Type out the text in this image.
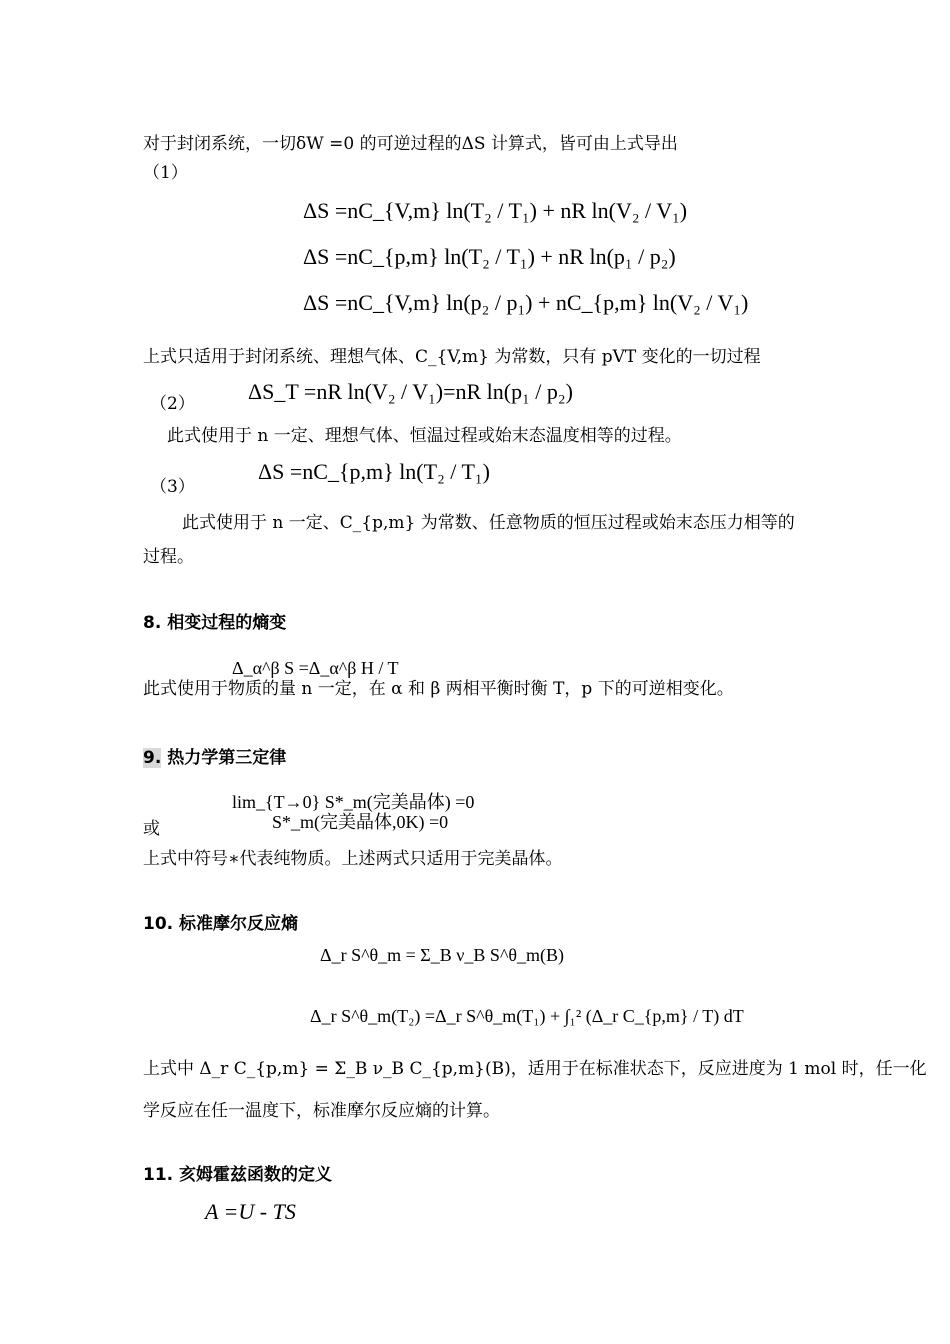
对于封闭系统，一切δW =0 的可逆过程的ΔS 计算式，皆可由上式导出
（1）
ΔS =nC_{V,m} ln(T₂ / T₁) + nR ln(V₂ / V₁)
ΔS =nC_{p,m} ln(T₂ / T₁) + nR ln(p₁ / p₂)
ΔS =nC_{V,m} ln(p₂ / p₁) + nC_{p,m} ln(V₂ / V₁)
上式只适用于封闭系统、理想气体、C_{V,m} 为常数，只有 pVT 变化的一切过程
（2） ΔS_T =nR ln(V₂ / V₁)=nR ln(p₁ / p₂)
此式使用于 n 一定、理想气体、恒温过程或始末态温度相等的过程。
（3）
ΔS =nC_{p,m} ln(T₂ / T₁)
此式使用于 n 一定、C_{p,m} 为常数、任意物质的恒压过程或始末态压力相等的
过程。
8. 相变过程的熵变
Δ_α^β S =Δ_α^β H / T
此式使用于物质的量 n 一定，在 α 和 β 两相平衡时衡 T，p 下的可逆相变化。
9. 热力学第三定律
lim_{T→0} S*_m(完美晶体) =0
或	S*_m(完美晶体,0K) =0
上式中符号∗代表纯物质。上述两式只适用于完美晶体。
10. 标准摩尔反应熵
Δ_r S^θ_m = Σ_B ν_B S^θ_m(B)
Δ_r S^θ_m(T₂) =Δ_r S^θ_m(T₁) + ∫₁² (Δ_r C_{p,m} / T) dT
上式中 Δ_r C_{p,m} = Σ_B ν_B C_{p,m}(B)，适用于在标准状态下，反应进度为 1 mol 时，任一化
学反应在任一温度下，标准摩尔反应熵的计算。
11. 亥姆霍兹函数的定义
A =U - TS
